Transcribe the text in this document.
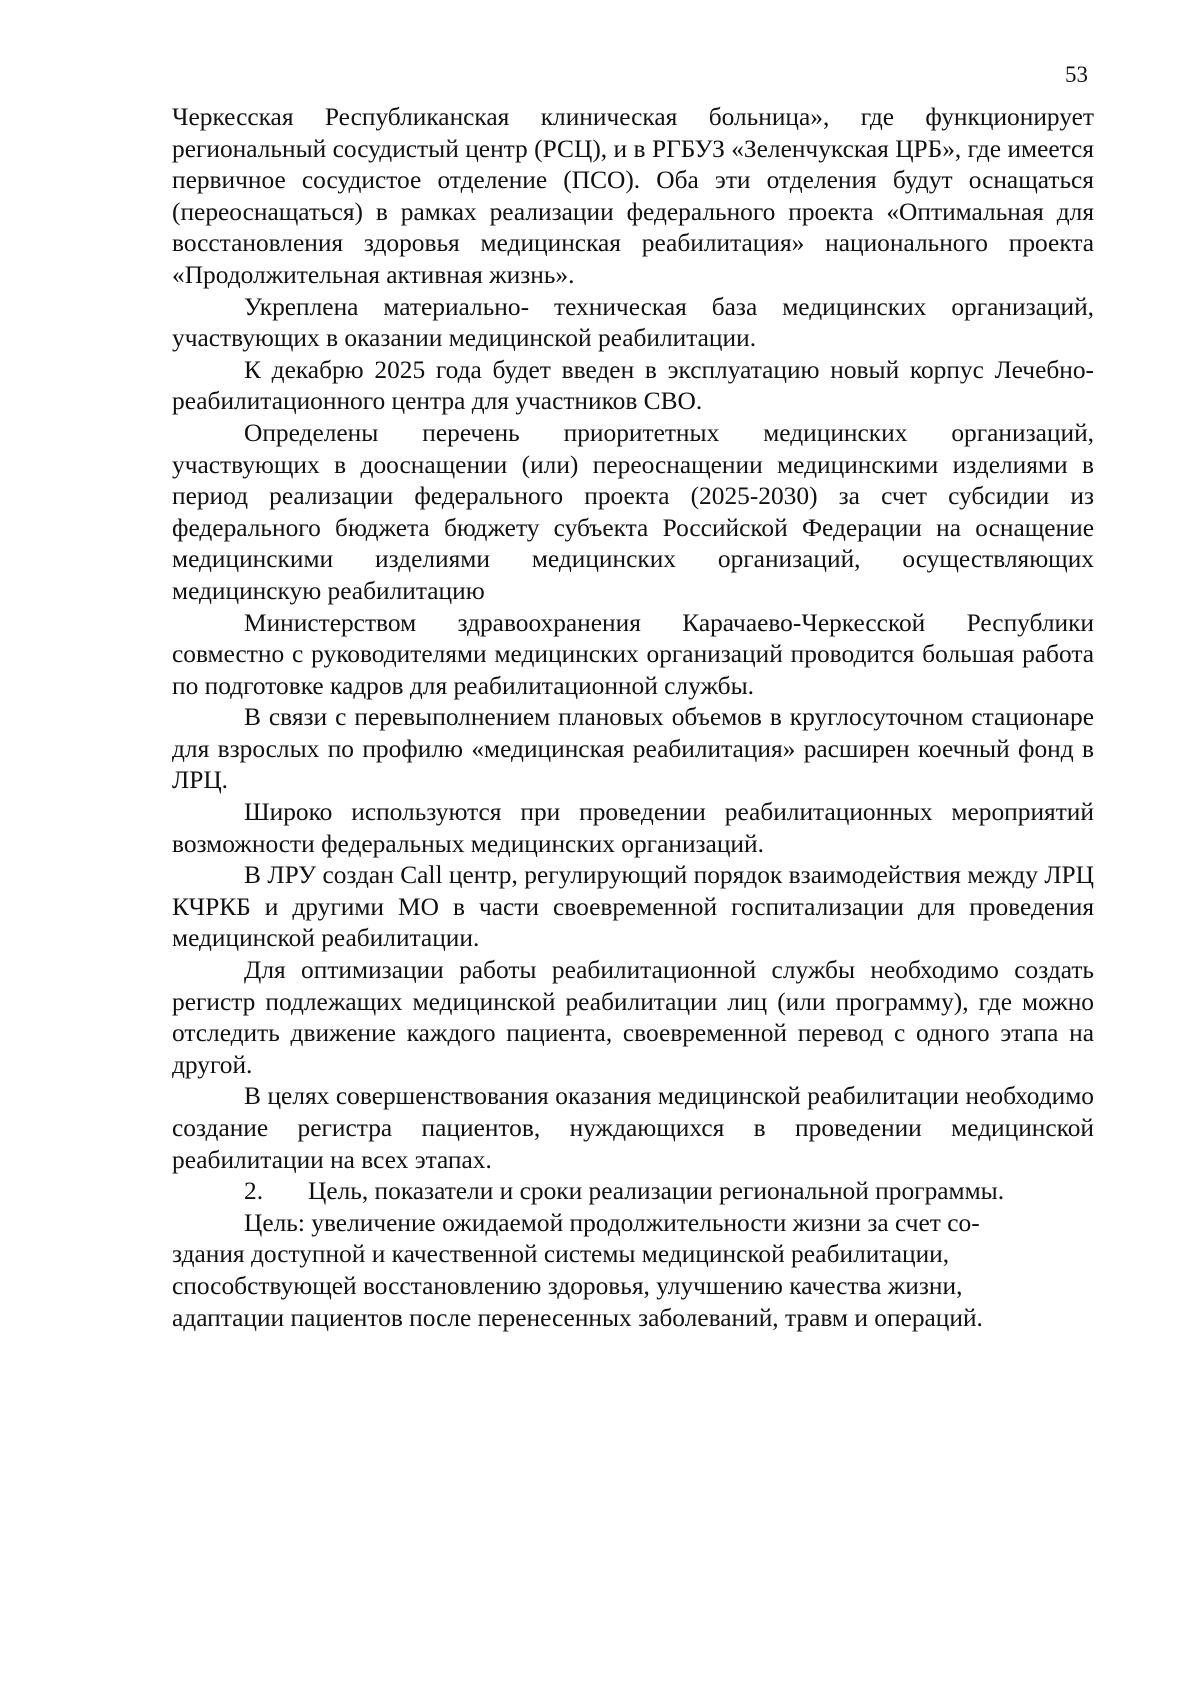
53

Черкесская Республиканская клиническая больница», где функционирует региональный сосудистый центр (РСЦ), и в РГБУЗ «Зеленчукская ЦРБ», где имеется первичное сосудистое отделение (ПСО). Оба эти отделения будут оснащаться (переоснащаться) в рамках реализации федерального проекта «Оптимальная для восстановления здоровья медицинская реабилитация» национального проекта «Продолжительная активная жизнь».

Укреплена материально- техническая база медицинских организаций, участвующих в оказании медицинской реабилитации.

К декабрю 2025 года будет введен в эксплуатацию новый корпус Лечебно-реабилитационного центра для участников СВО.

Определены перечень приоритетных медицинских организаций, участвующих в дооснащении (или) переоснащении медицинскими изделиями в период реализации федерального проекта (2025-2030) за счет субсидии из федерального бюджета бюджету субъекта Российской Федерации на оснащение медицинскими изделиями медицинских организаций, осуществляющих медицинскую реабилитацию

Министерством здравоохранения Карачаево-Черкесской Республики совместно с руководителями медицинских организаций проводится большая работа по подготовке кадров для реабилитационной службы.

В связи с перевыполнением плановых объемов в круглосуточном стационаре для взрослых по профилю «медицинская реабилитация» расширен коечный фонд в ЛРЦ.

Широко используются при проведении реабилитационных мероприятий возможности федеральных медицинских организаций.

В ЛРУ создан Call центр, регулирующий порядок взаимодействия между ЛРЦ КЧРКБ и другими МО в части своевременной госпитализации для проведения медицинской реабилитации.

Для оптимизации работы реабилитационной службы необходимо создать регистр подлежащих медицинской реабилитации лиц (или программу), где можно отследить движение каждого пациента, своевременной перевод с одного этапа на другой.

В целях совершенствования оказания медицинской реабилитации необходимо создание регистра пациентов, нуждающихся в проведении медицинской реабилитации на всех этапах.

2. Цель, показатели и сроки реализации региональной программы.

Цель: увеличение ожидаемой продолжительности жизни за счет со-

здания доступной и качественной системы медицинской реабилитации,

способствующей восстановлению здоровья, улучшению качества жизни,

адаптации пациентов после перенесенных заболеваний, травм и операций.
